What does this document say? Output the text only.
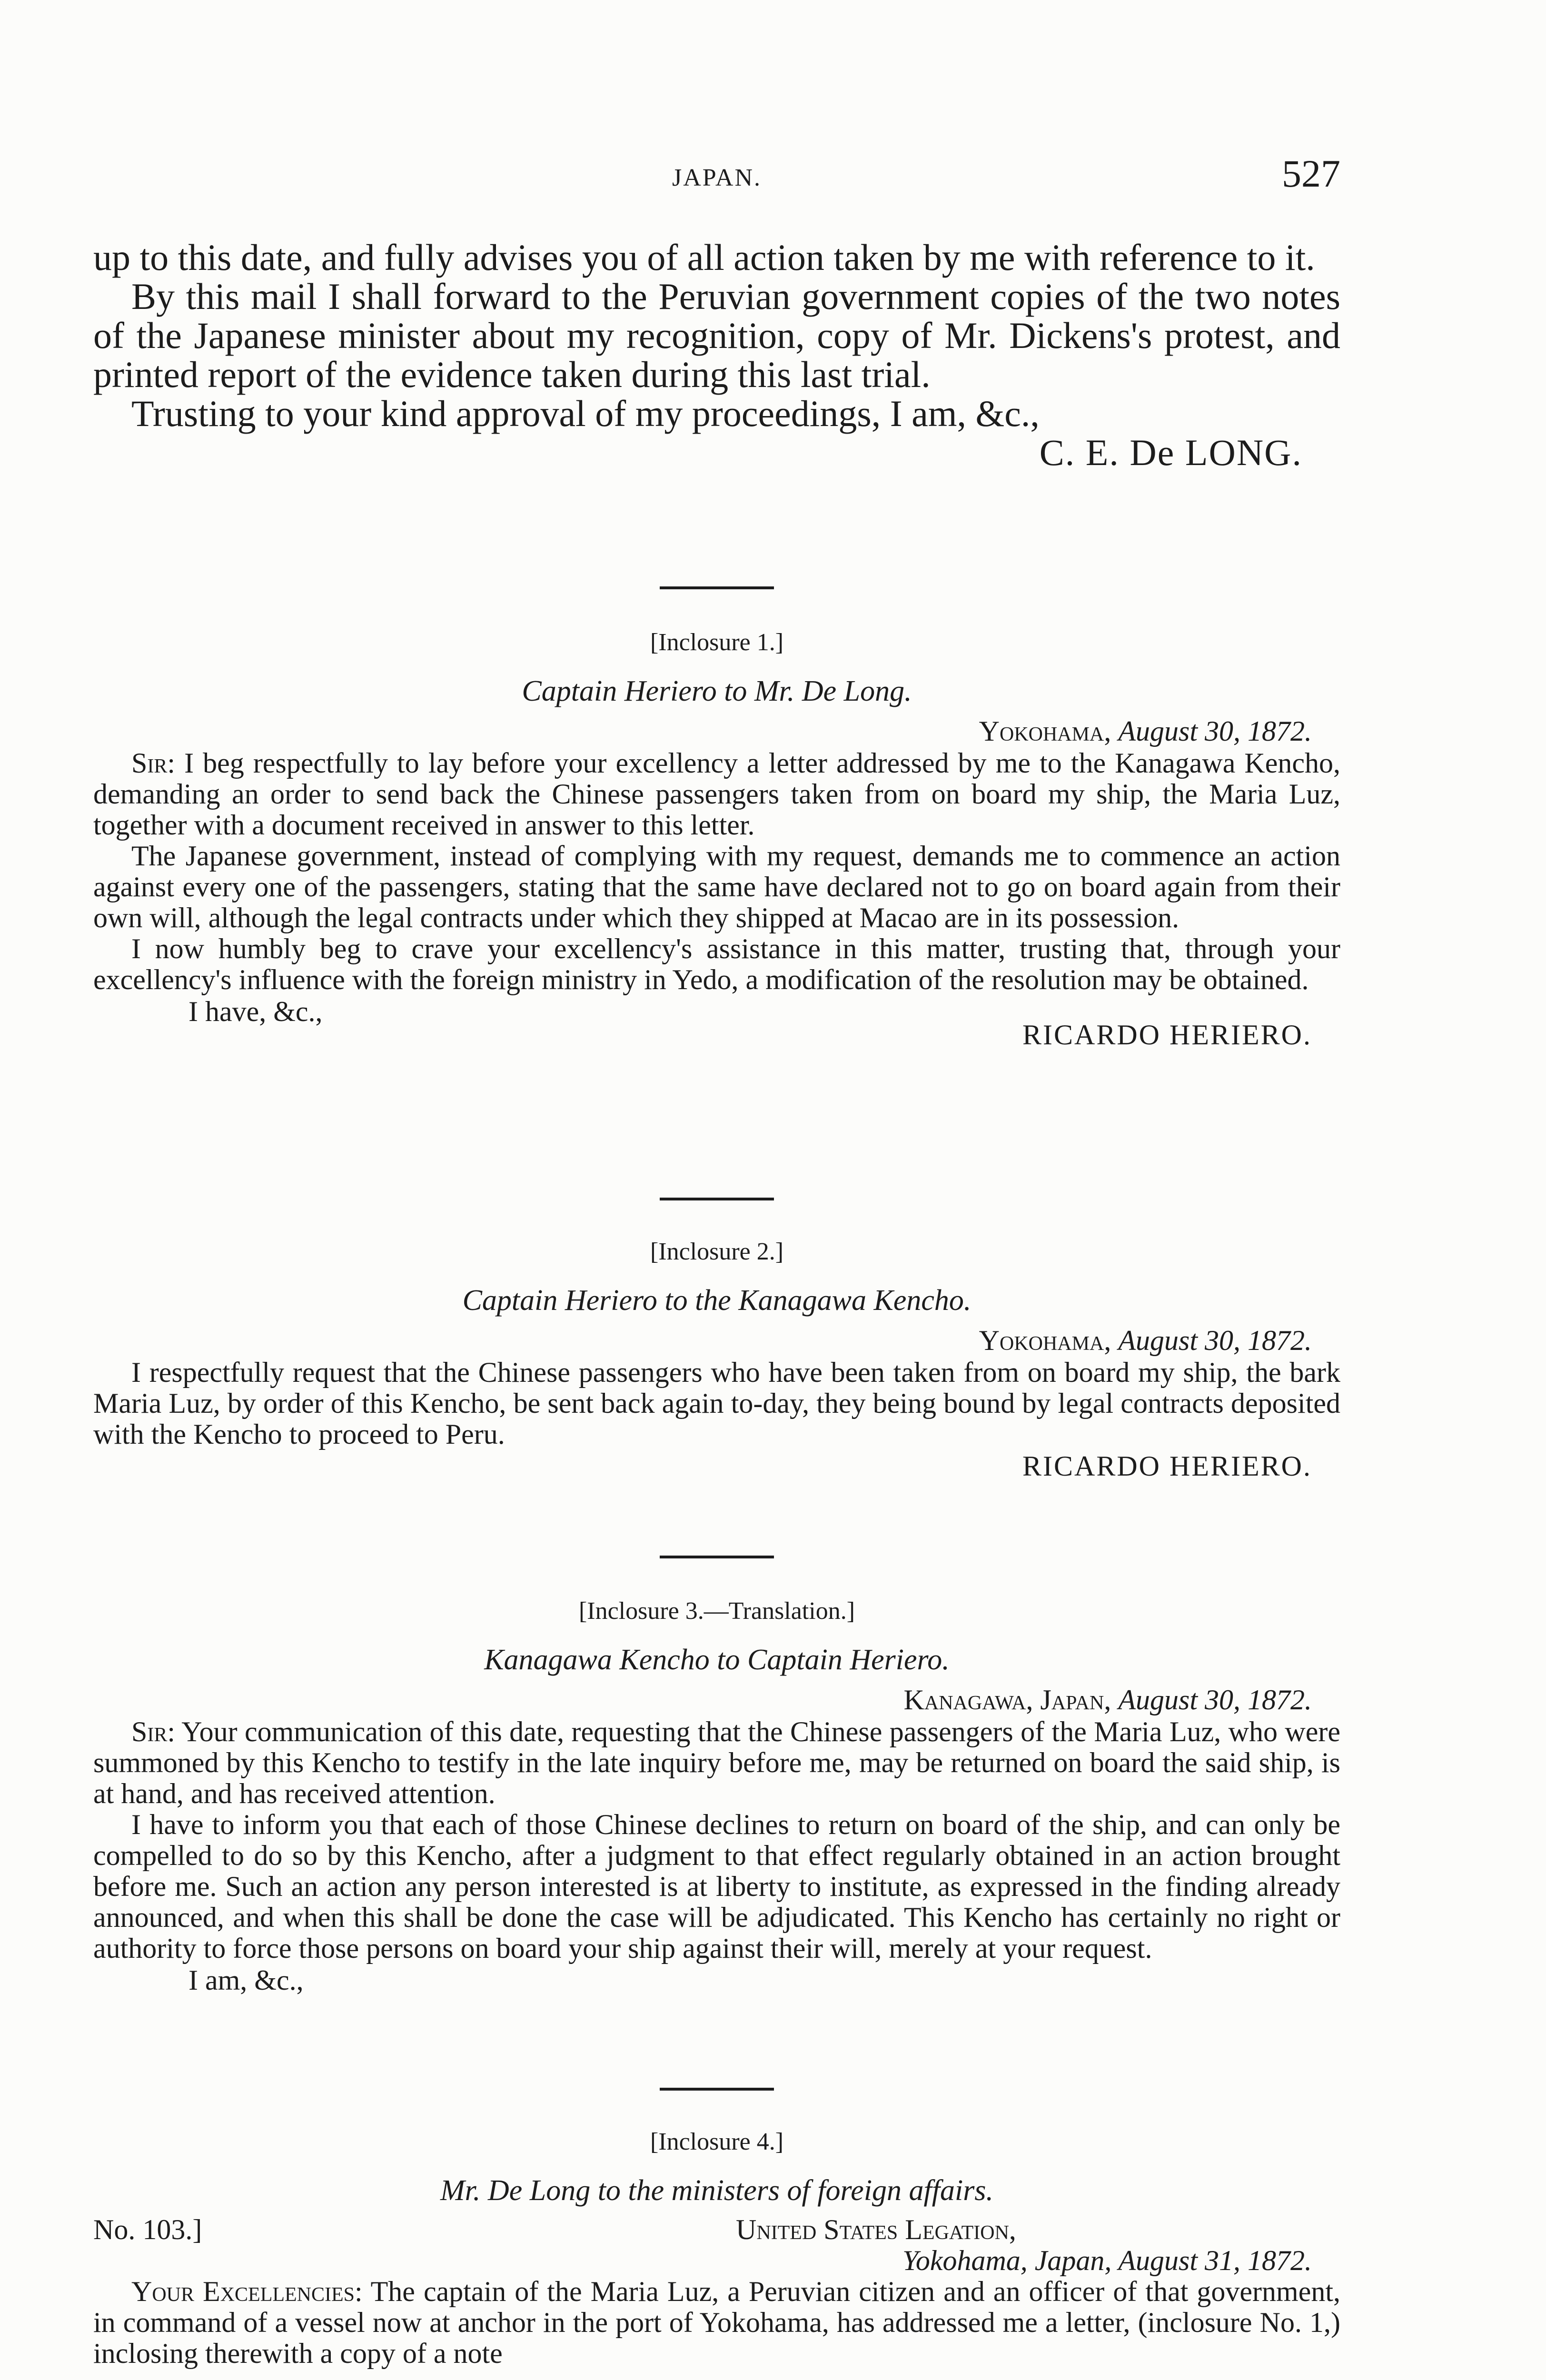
JAPAN.	527

up to this date, and fully advises you of all action taken by me with reference to it.

By this mail I shall forward to the Peruvian government copies of the two notes of the Japanese minister about my recognition, copy of Mr. Dickens's protest, and printed report of the evidence taken during this last trial.

Trusting to your kind approval of my proceedings, I am, &c.,

C. E. De LONG.
[Inclosure 1.]
Captain Heriero to Mr. De Long.
Yokohama, August 30, 1872.

Sir: I beg respectfully to lay before your excellency a letter addressed by me to the Kanagawa Kencho, demanding an order to send back the Chinese passengers taken from on board my ship, the Maria Luz, together with a document received in answer to this letter.

The Japanese government, instead of complying with my request, demands me to commence an action against every one of the passengers, stating that the same have declared not to go on board again from their own will, although the legal contracts under which they shipped at Macao are in its possession.

I now humbly beg to crave your excellency's assistance in this matter, trusting that, through your excellency's influence with the foreign ministry in Yedo, a modification of the resolution may be obtained.

I have, &c.,
RICARDO HERIERO.
[Inclosure 2.]
Captain Heriero to the Kanagawa Kencho.
Yokohama, August 30, 1872.

I respectfully request that the Chinese passengers who have been taken from on board my ship, the bark Maria Luz, by order of this Kencho, be sent back again to-day, they being bound by legal contracts deposited with the Kencho to proceed to Peru.

RICARDO HERIERO.
[Inclosure 3.—Translation.]
Kanagawa Kencho to Captain Heriero.
Kanagawa, Japan, August 30, 1872.

Sir: Your communication of this date, requesting that the Chinese passengers of the Maria Luz, who were summoned by this Kencho to testify in the late inquiry before me, may be returned on board the said ship, is at hand, and has received attention.

I have to inform you that each of those Chinese declines to return on board of the ship, and can only be compelled to do so by this Kencho, after a judgment to that effect regularly obtained in an action brought before me. Such an action any person interested is at liberty to institute, as expressed in the finding already announced, and when this shall be done the case will be adjudicated. This Kencho has certainly no right or authority to force those persons on board your ship against their will, merely at your request.

I am, &c.,
[Inclosure 4.]
Mr. De Long to the ministers of foreign affairs.
No. 103.]	United States Legation,
Yokohama, Japan, August 31, 1872.

Your Excellencies: The captain of the Maria Luz, a Peruvian citizen and an officer of that government, in command of a vessel now at anchor in the port of Yokohama, has addressed me a letter, (inclosure No. 1,) inclosing therewith a copy of a note
